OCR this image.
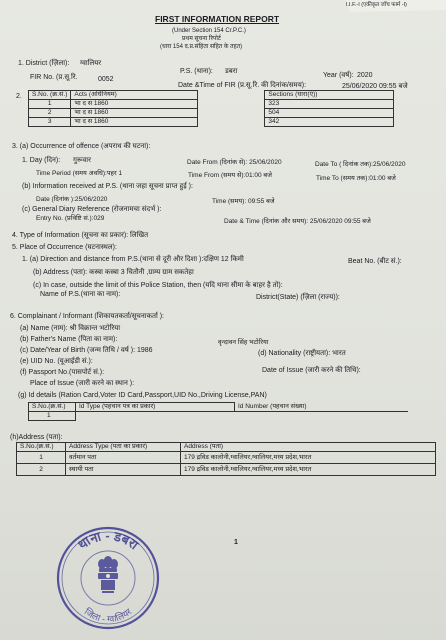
I.I.F.-I (एकीकृत जाँच फार्म -I)
FIRST INFORMATION REPORT
(Under Section 154 Cr.P.C.)
प्रथम सूचना रिपोर्ट
(धारा 154 द.प्र.संहिता सहित के तहत)
1. District (ज़िला): ग्वालियर
P.S. (थाना): डबरा
Year (वर्ष): 2020
FIR No. (प्र.सू.रि.	0052
Date &Time of FIR (प्र.सू.रि. की दिनांक/समय):	25/06/2020 09:55 बजे
2. S.No. (क्र.सं.)	Acts (अधिनियम)		Sections (धारा(एं))
1	भा द स 1860		323
2	भा द स 1860		504
3	भा द स 1860		342
3. (a) Occurrence of offence (अपराध की घटना):
1. Day (दिन): गुरूवार	Date From (दिनांक से): 25/06/2020	Date To ( दिनांक तक):25/06/2020
Time Period (समय अवधि):पहर 1	Time From (समय से):01:00 बजे	Time To (समय तक):01:00 बजे
(b) Information received at P.S. (थाना जहा सूचना प्राप्त हुई ):
Date (दिनांक ):25/06/2020	Time (समय): 09:55 बजे
(c) General Diary Reference (रोजनामचा संदर्भ ):
Entry No. (प्रविष्टि सं.):029	Date & Time (दिनांक और समय): 25/06/2020 09:55 बजे
4. Type of Information (सूचना का प्रकार): लिखित
5. Place of Occurrence (घटनास्थल):
1. (a) Direction and distance from P.S.(थाना से दूरी और दिशा ):दक्षिण 12 किमी	Beat No. (बीट सं.):
(b) Address (पता): कस्बा कस्बा 3 चितौनी ,ग्राम्य ग्राम सकतेहा
(c) In case, outside the limit of this Police Station, then (यदि थाना सीमा के बाहर है तो):
Name of P.S.(थाना का नाम):	District(State) (ज़िला (राज्य)):
6. Complainant / Informant (शिकायतकर्ता/सूचनाकर्ता ):
(a) Name (नाम): श्री विक्रान्त भटोरिया
(b) Father's Name (पिता का नाम):	वृन्दावन सिंह भटोरिया
(c) Date/Year of Birth (जन्म तिथि / वर्ष ): 1986	(d) Nationality (राष्ट्रीयता): भारत
(e) UID No. (यूआईडी सं.):
(f) Passport No.(पासपोर्ट सं.):	Date of Issue (जारी करने की तिथि):
Place of Issue (जारी करने का स्थान ):
(g) Id details (Ration Card,Voter ID Card,Passport,UID No.,Driving License,PAN)
S.No.(क्र.सं.)	Id Type (पहचान पत्र का प्रकार)	Id Number (पहचान संख्या)
1		
(h)Address (पता):
S.No.(क्र.सं.)	Address Type (पता का प्रकार)	Address (पता)
1	वर्तमान पता	179 द्रविड कालोनी,ग्वालियर,ग्वालियर,मध्य प्रदेश,भारत
2	स्थायी पता	179 द्रविड कालोनी,ग्वालियर,ग्वालियर,मध्य प्रदेश,भारत
1
थाना - डबरा
जिला - ग्वालियर
